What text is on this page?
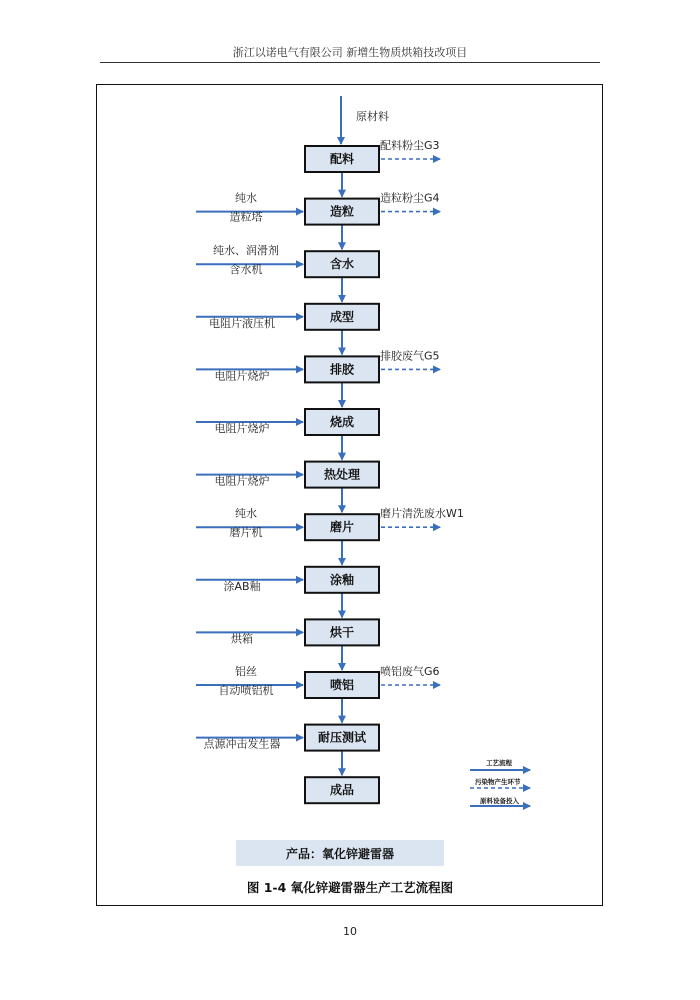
浙江以诺电气有限公司 新增生物质烘箱技改项目
原材料
配料
配料粉尘G3
造粒
纯水
造粒塔
造粒粉尘G4
含水
纯水、润滑剂
含水机
成型
电阻片液压机
排胶
电阻片烧炉
排胶废气G5
烧成
电阻片烧炉
热处理
电阻片烧炉
磨片
纯水
磨片机
磨片清洗废水W1
涂釉
涂AB釉
烘干
烘箱
喷铝
铝丝
自动喷铝机
喷铝废气G6
耐压测试
点源冲击发生器
成品
工艺流程
污染物产生环节
原料设备投入
产品：氧化锌避雷器
图 1-4 氧化锌避雷器生产工艺流程图
10
